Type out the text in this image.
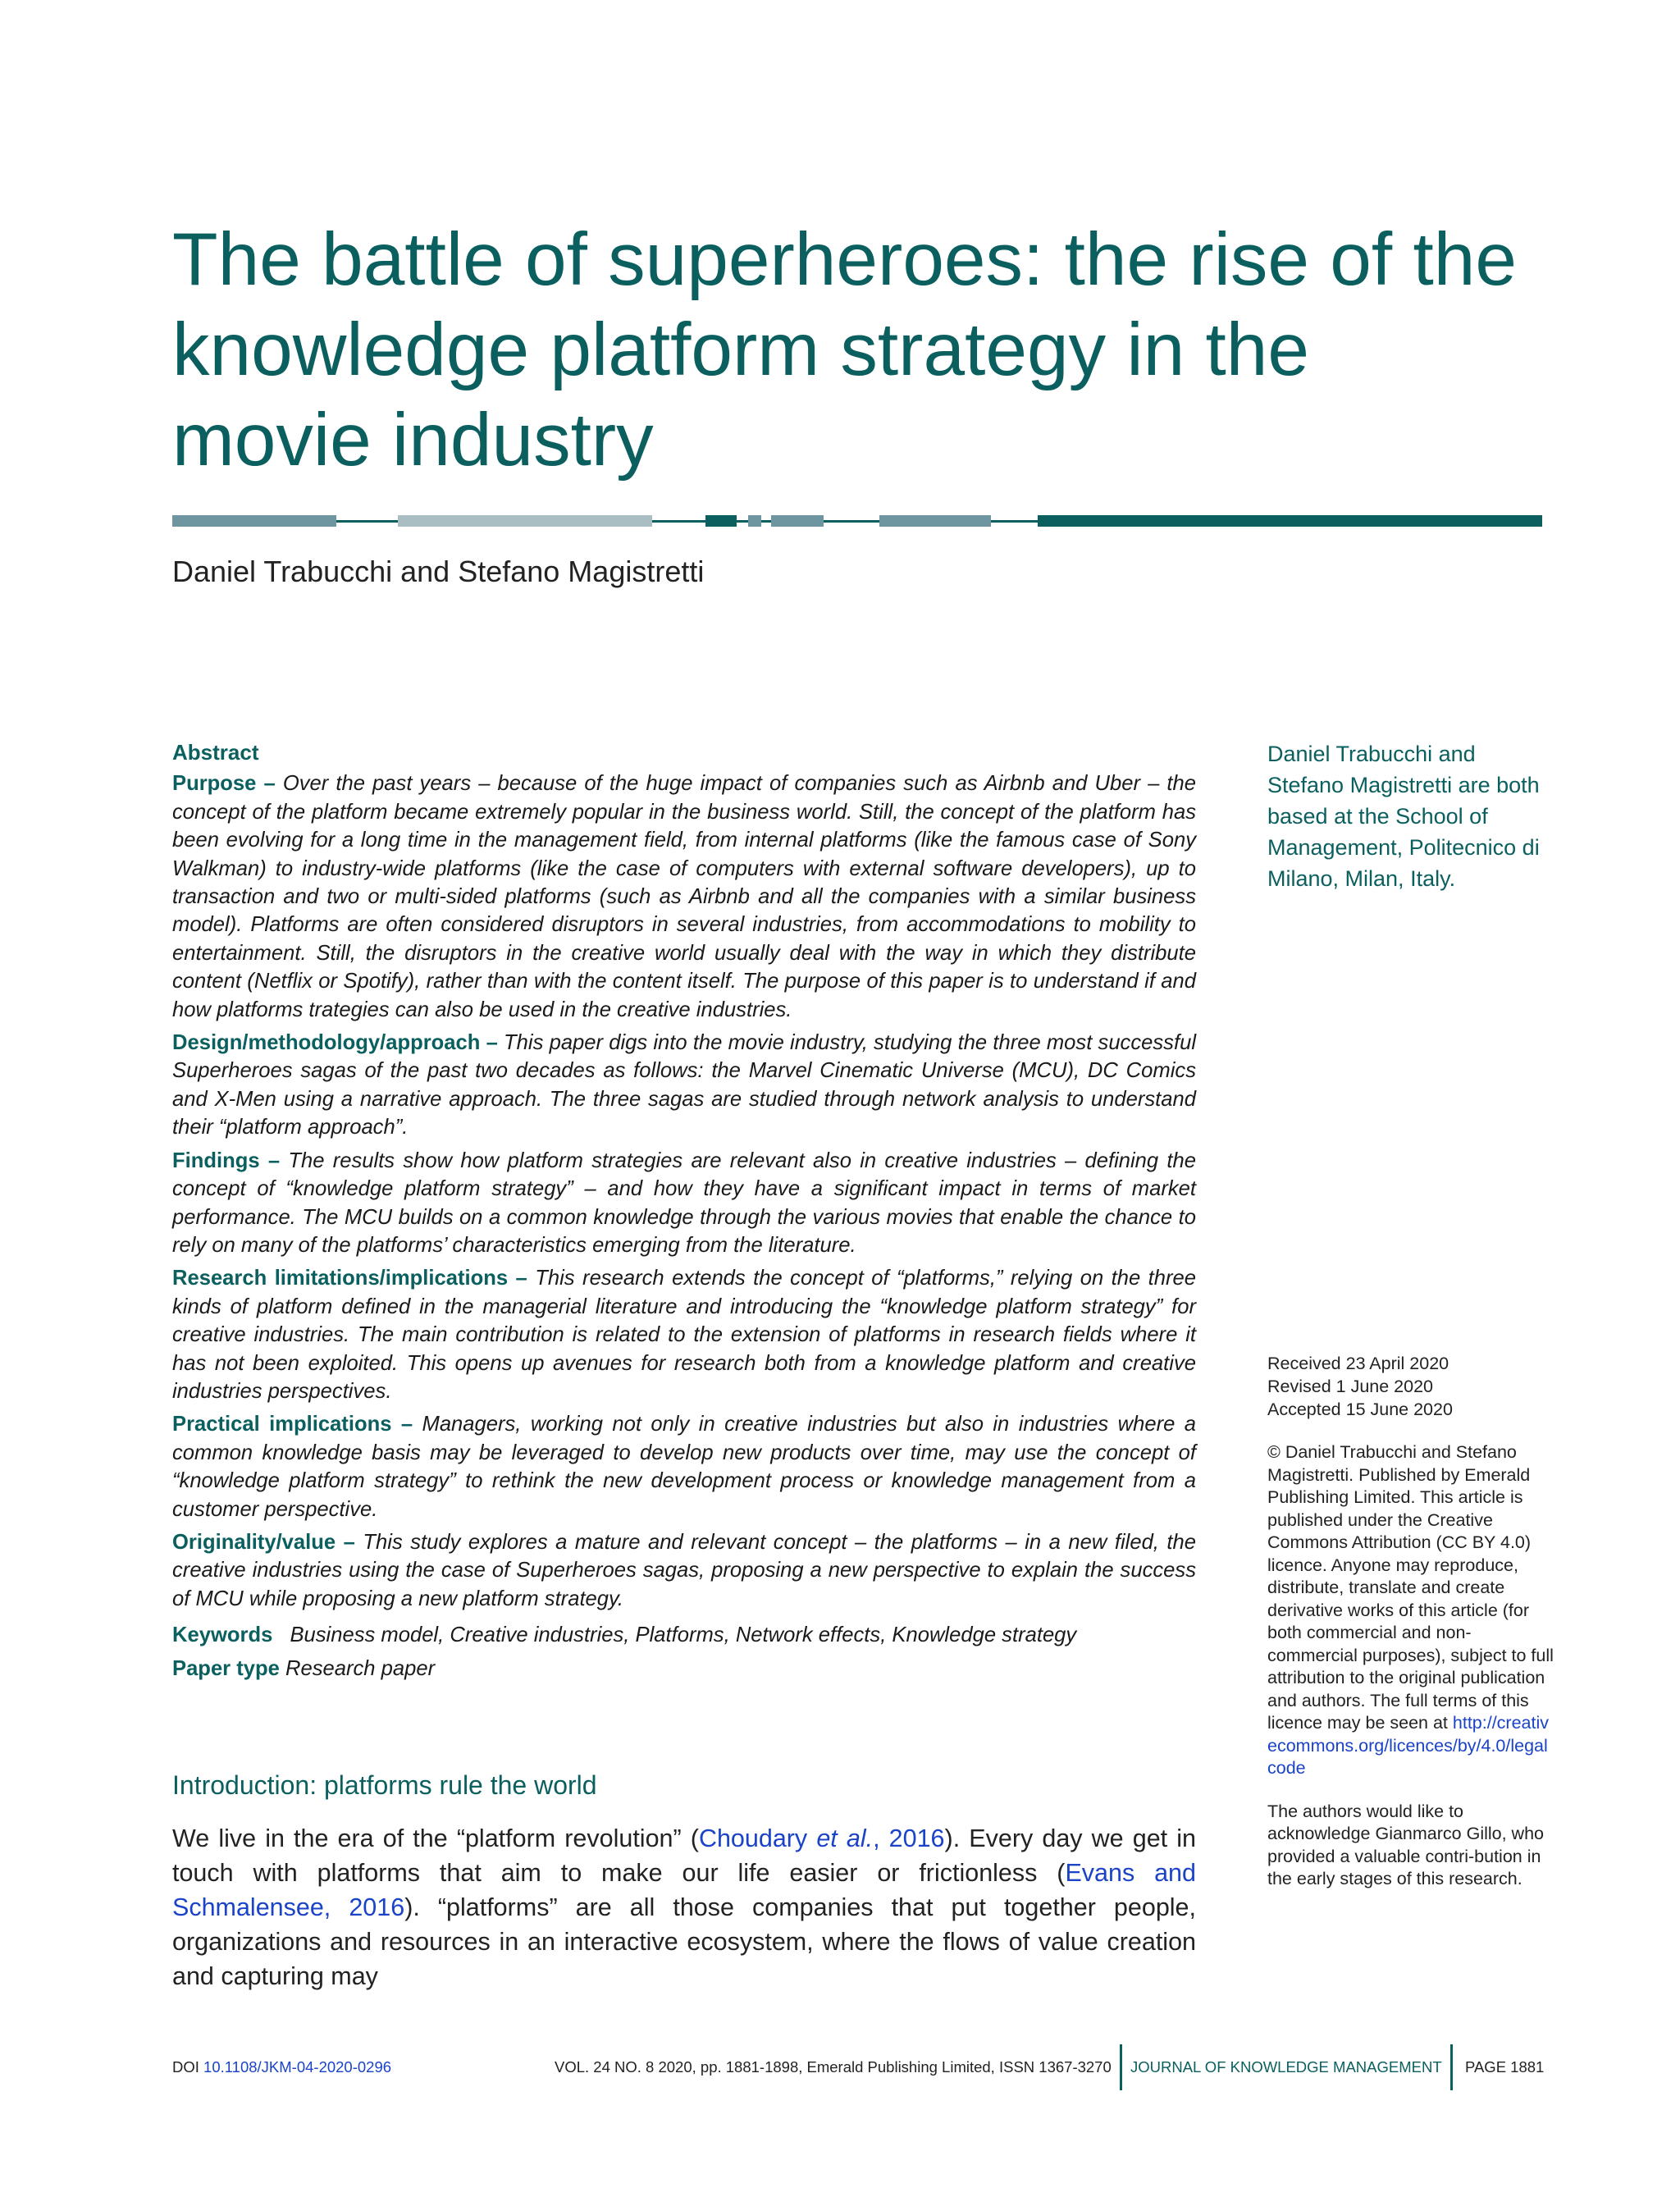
The battle of superheroes: the rise of the
knowledge platform strategy in the
movie industry
Daniel Trabucchi and Stefano Magistretti
Abstract

Purpose – Over the past years – because of the huge impact of companies such as Airbnb and Uber – the concept of the platform became extremely popular in the business world. Still, the concept of the platform has been evolving for a long time in the management field, from internal platforms (like the famous case of Sony Walkman) to industry-wide platforms (like the case of computers with external software developers), up to transaction and two or multi-sided platforms (such as Airbnb and all the companies with a similar business model). Platforms are often considered disruptors in several industries, from accommodations to mobility to entertainment. Still, the disruptors in the creative world usually deal with the way in which they distribute content (Netflix or Spotify), rather than with the content itself. The purpose of this paper is to understand if and how platforms trategies can also be used in the creative industries.

Design/methodology/approach – This paper digs into the movie industry, studying the three most successful Superheroes sagas of the past two decades as follows: the Marvel Cinematic Universe (MCU), DC Comics and X-Men using a narrative approach. The three sagas are studied through network analysis to understand their “platform approach”.

Findings – The results show how platform strategies are relevant also in creative industries – defining the concept of “knowledge platform strategy” – and how they have a significant impact in terms of market performance. The MCU builds on a common knowledge through the various movies that enable the chance to rely on many of the platforms’ characteristics emerging from the literature.

Research limitations/implications – This research extends the concept of “platforms,” relying on the three kinds of platform defined in the managerial literature and introducing the “knowledge platform strategy” for creative industries. The main contribution is related to the extension of platforms in research fields where it has not been exploited. This opens up avenues for research both from a knowledge platform and creative industries perspectives.

Practical implications – Managers, working not only in creative industries but also in industries where a common knowledge basis may be leveraged to develop new products over time, may use the concept of “knowledge platform strategy” to rethink the new development process or knowledge management from a customer perspective.

Originality/value – This study explores a mature and relevant concept – the platforms – in a new filed, the creative industries using the case of Superheroes sagas, proposing a new perspective to explain the success of MCU while proposing a new platform strategy.

Keywords Business model, Creative industries, Platforms, Network effects, Knowledge strategy

Paper type Research paper

Introduction: platforms rule the world

We live in the era of the “platform revolution” (Choudary et al., 2016). Every day we get in touch with platforms that aim to make our life easier or frictionless (Evans and Schmalensee, 2016). “platforms” are all those companies that put together people, organizations and resources in an interactive ecosystem, where the flows of value creation and capturing may

Daniel Trabucchi and Stefano Magistretti are both based at the School of Management, Politecnico di Milano, Milan, Italy.
Received 23 April 2020
Revised 1 June 2020
Accepted 15 June 2020
© Daniel Trabucchi and Stefano Magistretti. Published by Emerald Publishing Limited. This article is published under the Creative Commons Attribution (CC BY 4.0) licence. Anyone may reproduce, distribute, translate and create derivative works of this article (for both commercial and non-commercial purposes), subject to full attribution to the original publication and authors. The full terms of this licence may be seen at http://creativecommons.org/licences/by/4.0/legalcode
The authors would like to acknowledge Gianmarco Gillo, who provided a valuable contri-bution in the early stages of this research.
DOI 10.1108/JKM-04-2020-0296	VOL. 24 NO. 8 2020, pp. 1881-1898, Emerald Publishing Limited, ISSN 1367-3270 JOURNAL OF KNOWLEDGE MANAGEMENT PAGE 1881
